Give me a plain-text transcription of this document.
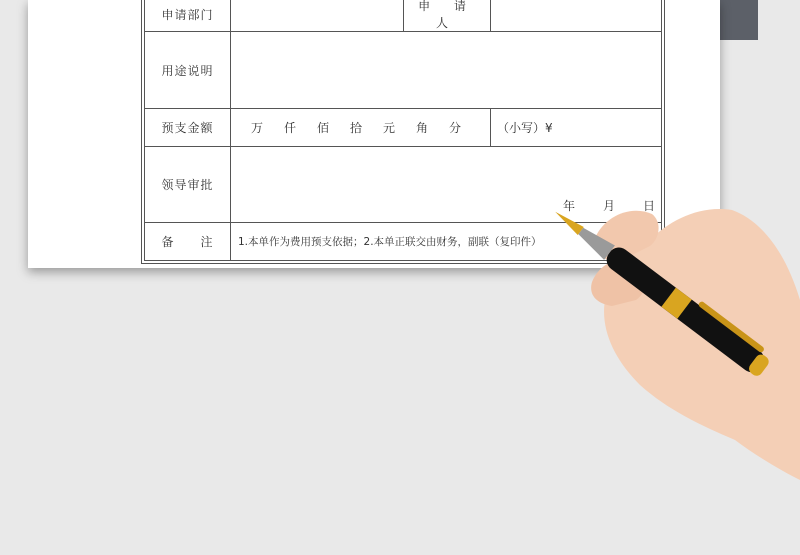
申请部门		申 请 人	
用途说明			
预支金额	万 仟 佰 拾 元 角 分		（小写）¥
领导审批	年 月 日		

备　　注	1.本单作为费用预支依据；2.本单正联交由财务，副联（复印件）		
